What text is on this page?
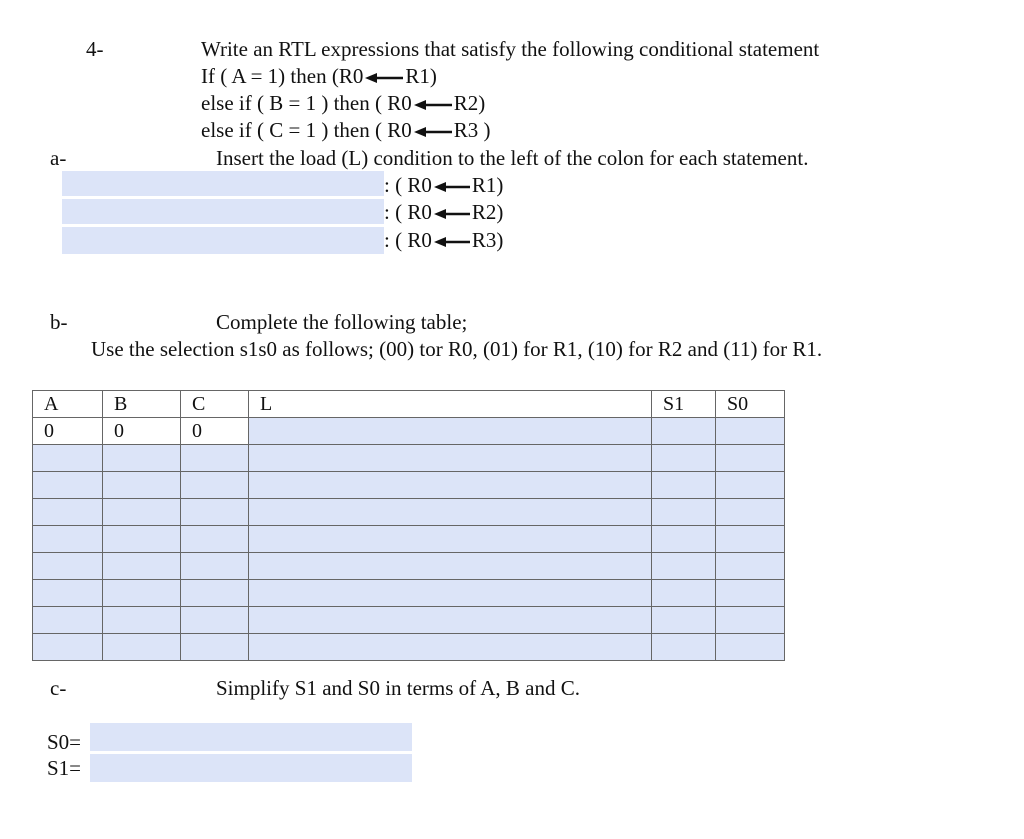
4-	Write an RTL expressions that satisfy the following conditional statement
If ( A = 1) then (R0 R1)
else if ( B = 1 ) then ( R0 R2)
else if ( C = 1 ) then ( R0 R3 )
a-	Insert the load (L) condition to the left of the colon for each statement.
: ( R0 R1)
: ( R0 R2)
: ( R0 R3)
b-	Complete the following table;
Use the selection s1s0 as follows; (00) tor R0, (01) for R1, (10) for R2 and (11) for R1.
A	B	C	L	S1	S0
0	0	0			

c-	Simplify S1 and S0 in terms of A, B and C.
S0=
S1=
